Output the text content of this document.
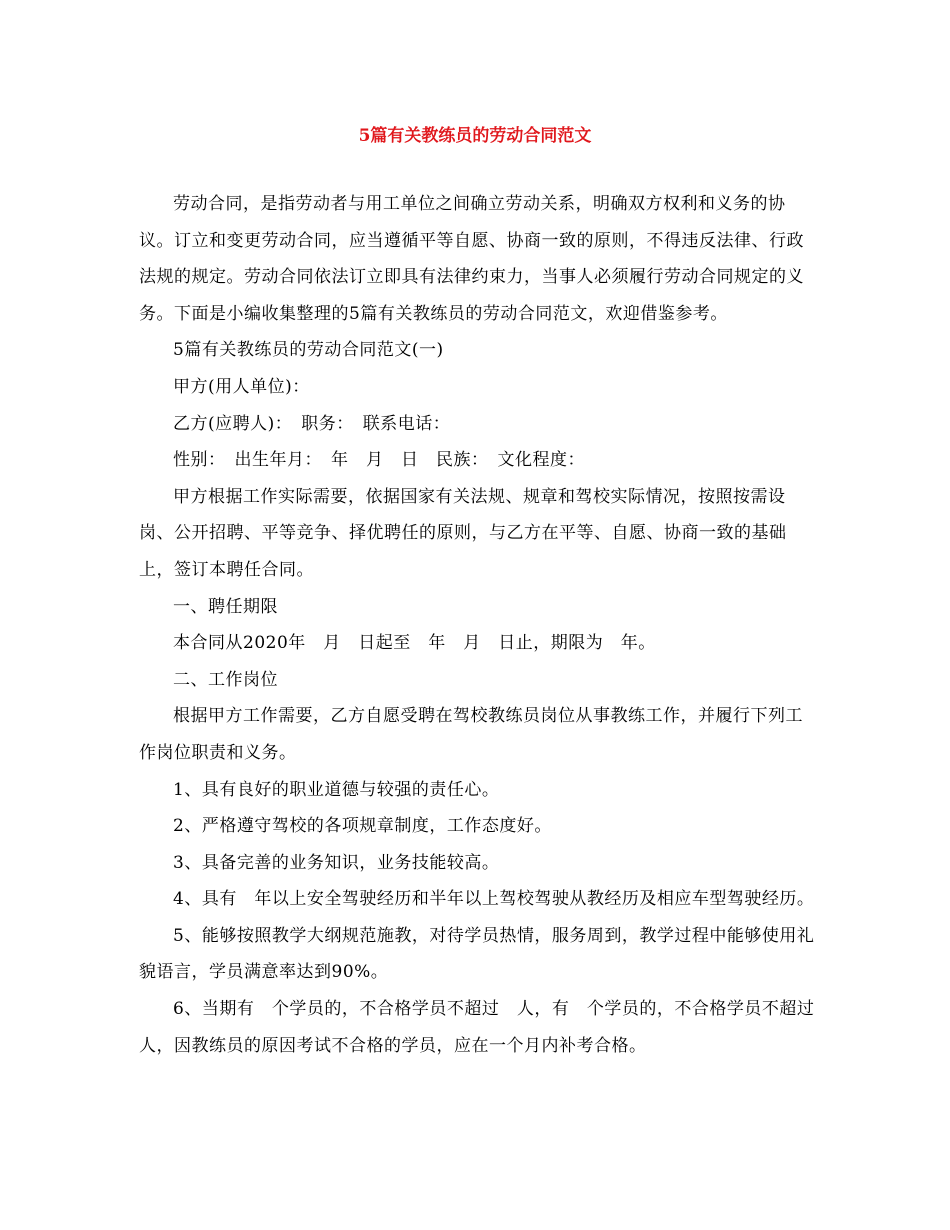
5篇有关教练员的劳动合同范文

劳动合同，是指劳动者与用工单位之间确立劳动关系，明确双方权利和义务的协议。订立和变更劳动合同，应当遵循平等自愿、协商一致的原则，不得违反法律、行政法规的规定。劳动合同依法订立即具有法律约束力，当事人必须履行劳动合同规定的义务。下面是小编收集整理的5篇有关教练员的劳动合同范文，欢迎借鉴参考。

5篇有关教练员的劳动合同范文(一)

甲方(用人单位)：

乙方(应聘人)：　职务：　联系电话：

性别：　出生年月：　年　月　日　民族：　文化程度：

甲方根据工作实际需要，依据国家有关法规、规章和驾校实际情况，按照按需设岗、公开招聘、平等竞争、择优聘任的原则，与乙方在平等、自愿、协商一致的基础上，签订本聘任合同。

一、聘任期限

本合同从2020年　月　日起至　年　月　日止，期限为　年。

二、工作岗位

根据甲方工作需要，乙方自愿受聘在驾校教练员岗位从事教练工作，并履行下列工作岗位职责和义务。

1、具有良好的职业道德与较强的责任心。

2、严格遵守驾校的各项规章制度，工作态度好。

3、具备完善的业务知识，业务技能较高。

4、具有　年以上安全驾驶经历和半年以上驾校驾驶从教经历及相应车型驾驶经历。

5、能够按照教学大纲规范施教，对待学员热情，服务周到，教学过程中能够使用礼貌语言，学员满意率达到90%。

6、当期有　个学员的，不合格学员不超过　人，有　个学员的，不合格学员不超过　人，因教练员的原因考试不合格的学员，应在一个月内补考合格。
